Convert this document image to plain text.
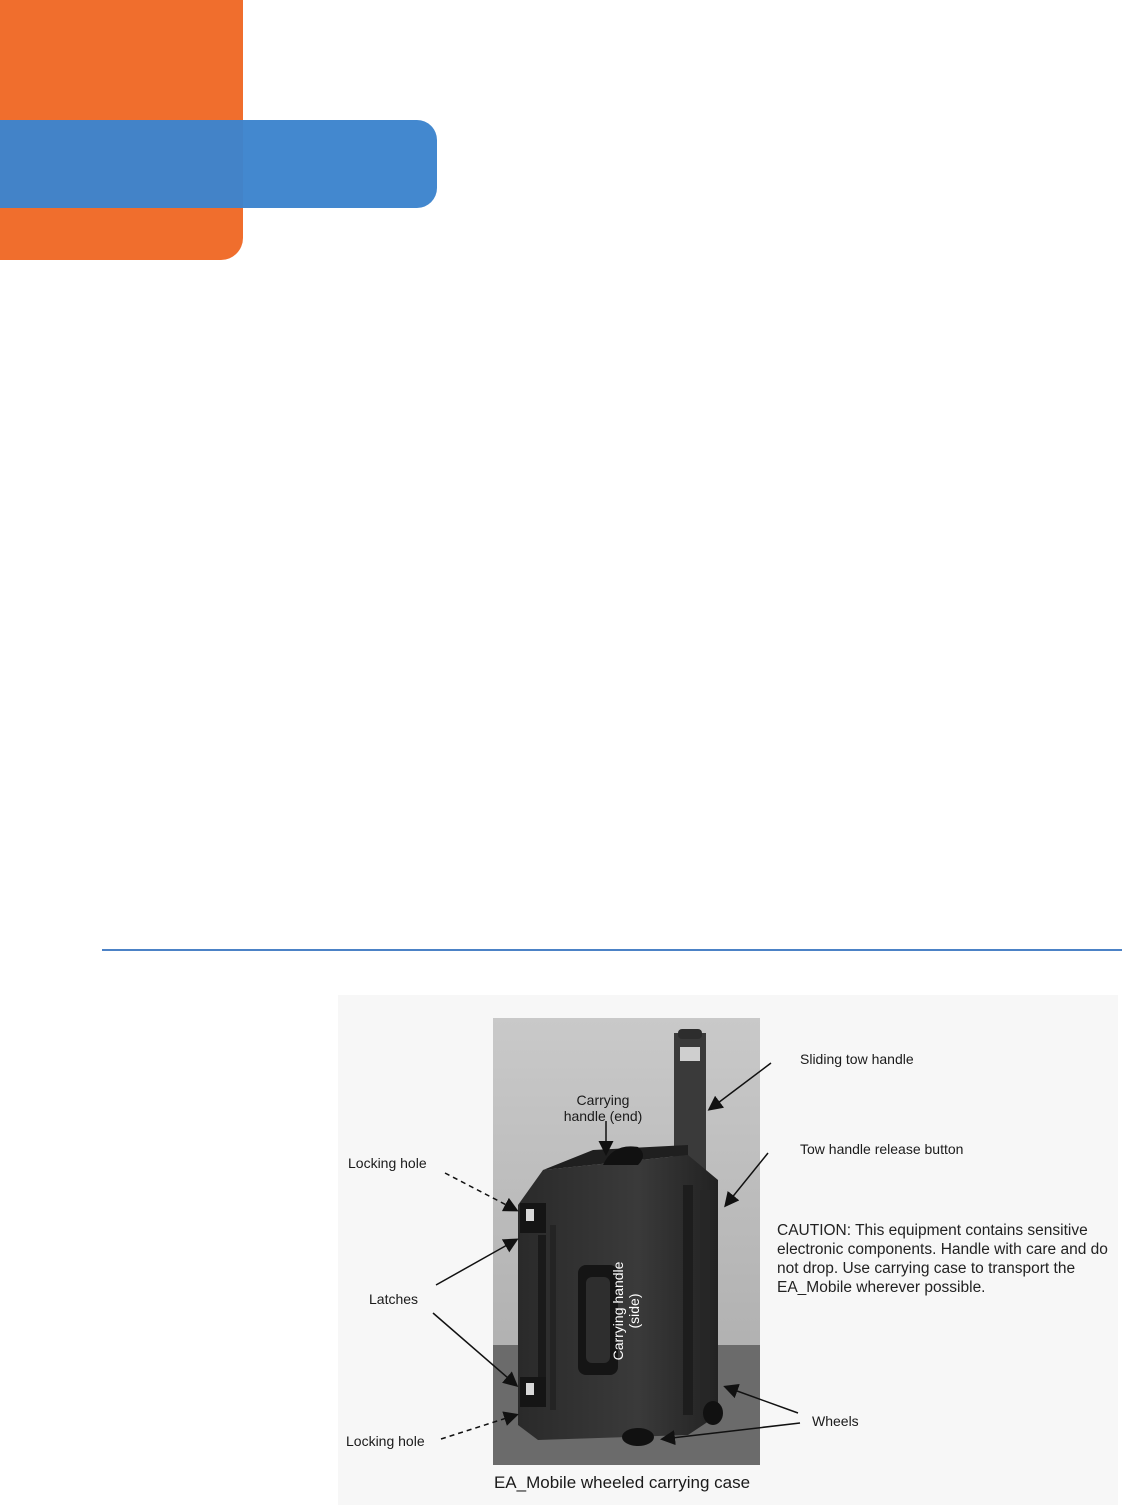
Sliding tow handle
Carrying
handle (end)
Tow handle release button
Locking hole
Latches
Locking hole
Wheels
Carrying handle (side)
CAUTION: This equipment contains sensitive electronic components. Handle with care and do not drop. Use carrying case to transport the EA_Mobile wherever possible.
EA_Mobile wheeled carrying case
